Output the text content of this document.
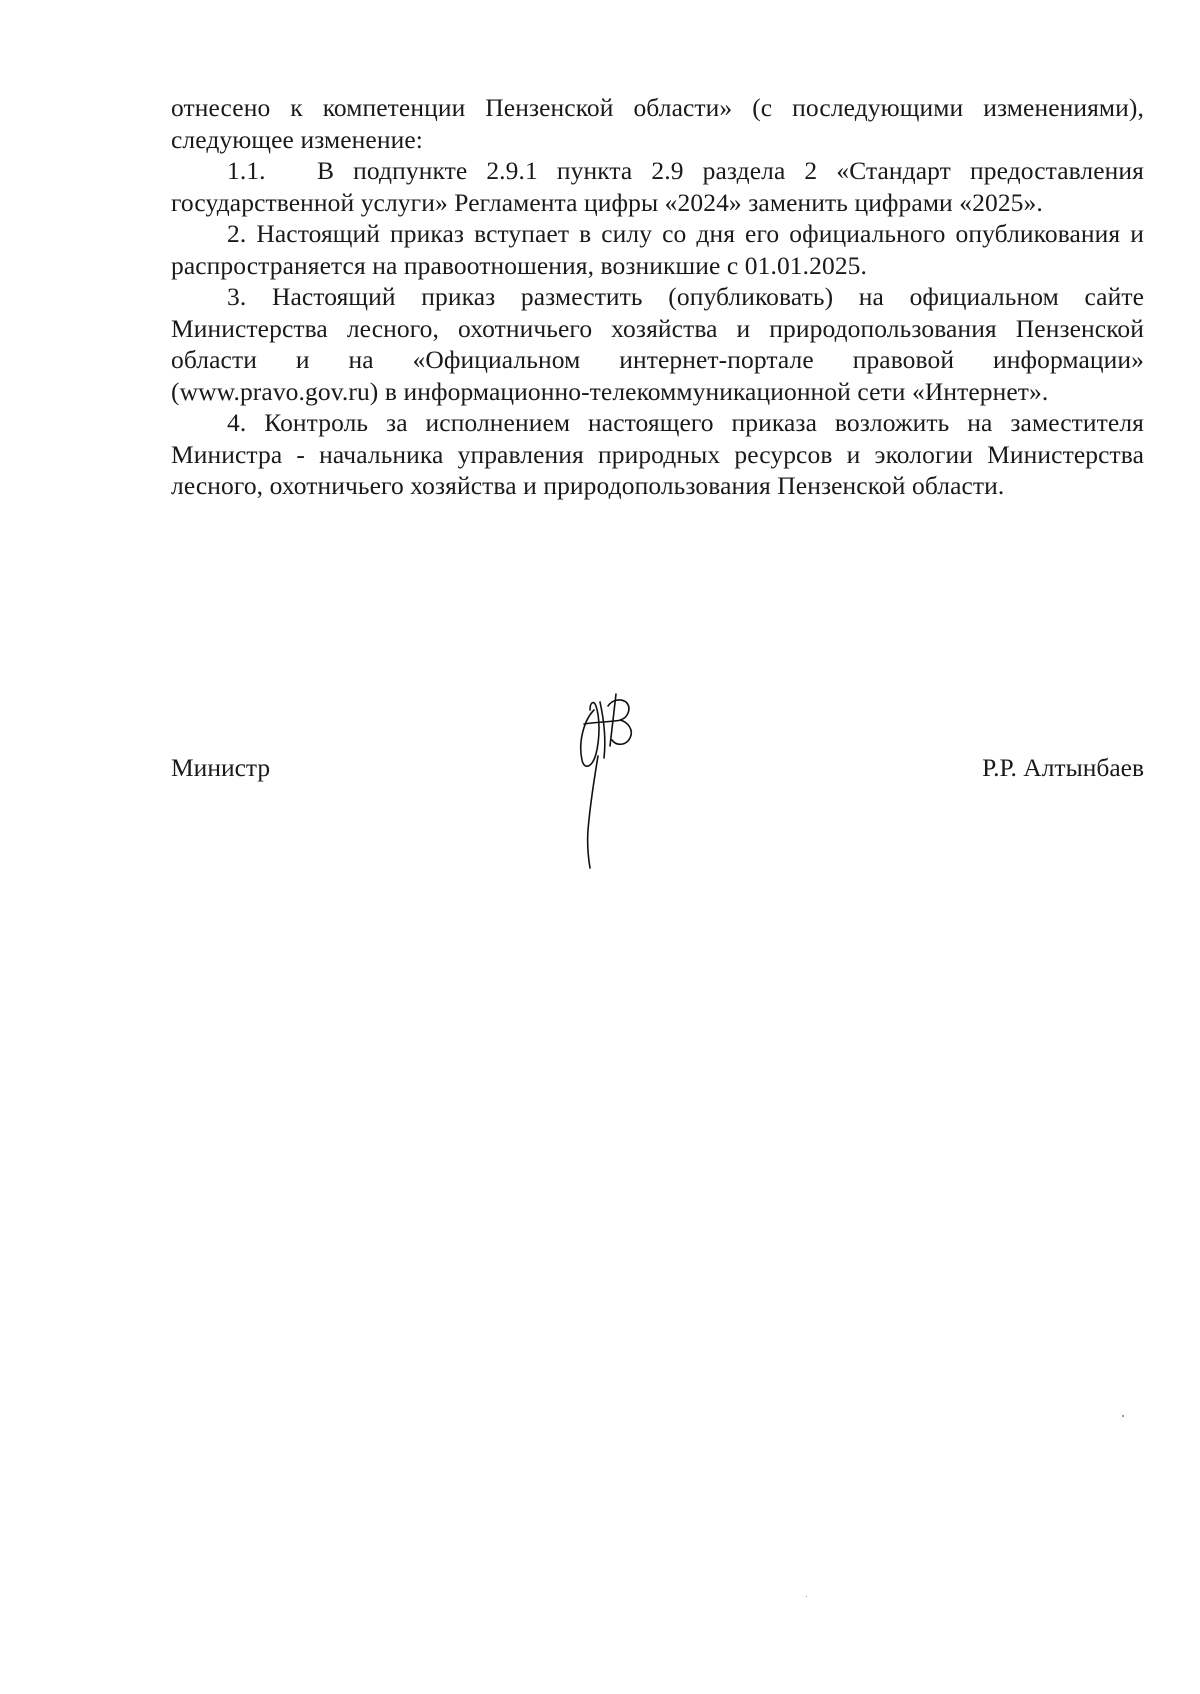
отнесено к компетенции Пензенской области» (с последующими изменениями), следующее изменение:

1.1. В подпункте 2.9.1 пункта 2.9 раздела 2 «Стандарт предоставления государственной услуги» Регламента цифры «2024» заменить цифрами «2025».

2. Настоящий приказ вступает в силу со дня его официального опубликования и распространяется на правоотношения, возникшие с 01.01.2025.

3. Настоящий приказ разместить (опубликовать) на официальном сайте Министерства лесного, охотничьего хозяйства и природопользования Пензенской области и на «Официальном интернет-портале правовой информации» (www.pravo.gov.ru) в информационно-телекоммуникационной сети «Интернет».

4. Контроль за исполнением настоящего приказа возложить на заместителя Министра - начальника управления природных ресурсов и экологии Министерства лесного, охотничьего хозяйства и природопользования Пензенской области.

Министр	Р.Р. Алтынбаев
